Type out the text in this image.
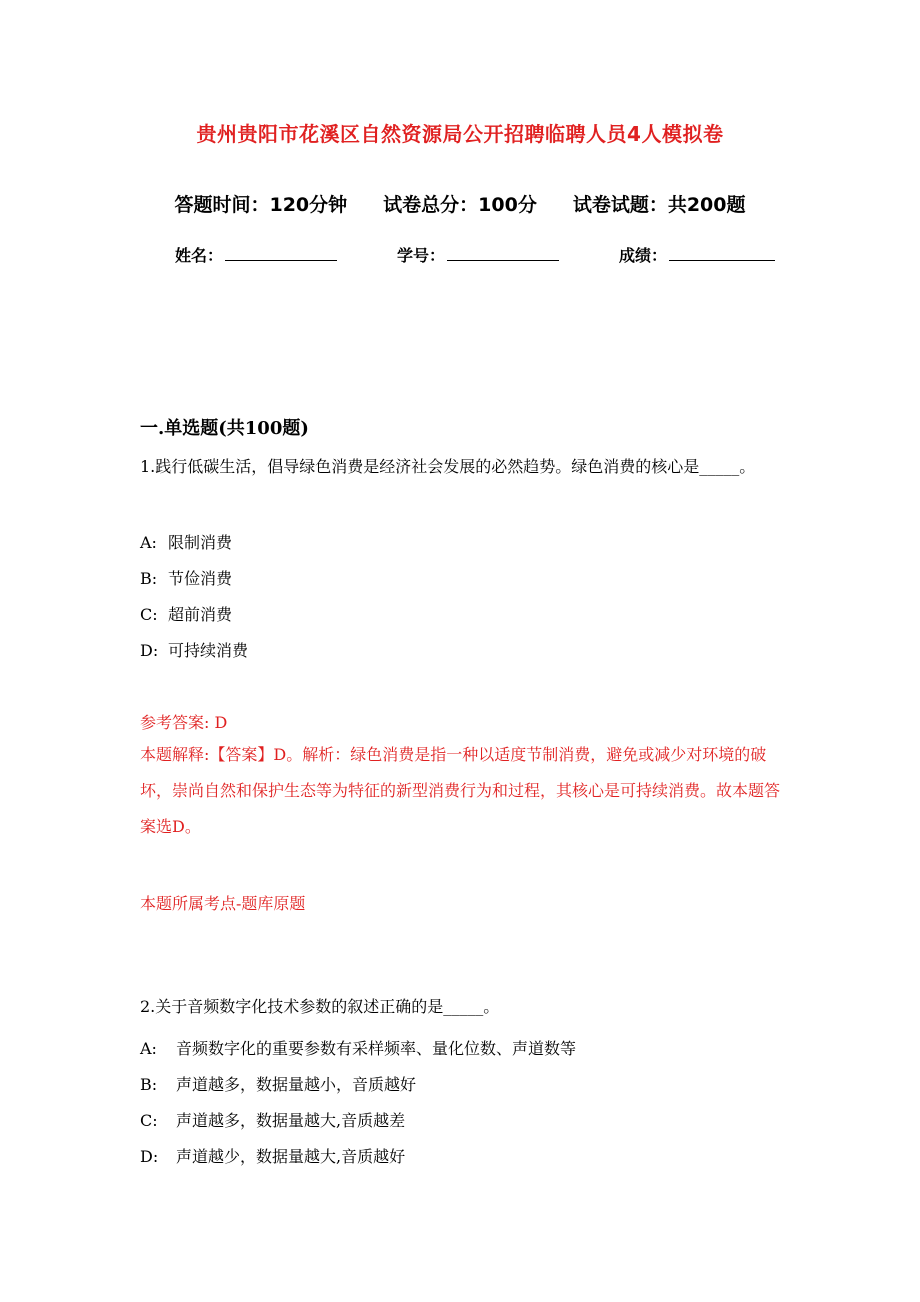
贵州贵阳市花溪区自然资源局公开招聘临聘人员4人模拟卷
答题时间：120分钟 试卷总分：100分 试卷试题：共200题
姓名：	学号：	成绩：
一.单选题(共100题)
1.践行低碳生活，倡导绿色消费是经济社会发展的必然趋势。绿色消费的核心是_____。
A: 限制消费
B: 节俭消费
C: 超前消费
D: 可持续消费
参考答案: D
本题解释:【答案】D。解析：绿色消费是指一种以适度节制消费，避免或减少对环境的破坏，崇尚自然和保护生态等为特征的新型消费行为和过程，其核心是可持续消费。故本题答案选D。
本题所属考点-题库原题
2.关于音频数字化技术参数的叙述正确的是_____。
A: 音频数字化的重要参数有采样频率、量化位数、声道数等
B: 声道越多，数据量越小，音质越好
C: 声道越多，数据量越大,音质越差
D: 声道越少，数据量越大,音质越好
